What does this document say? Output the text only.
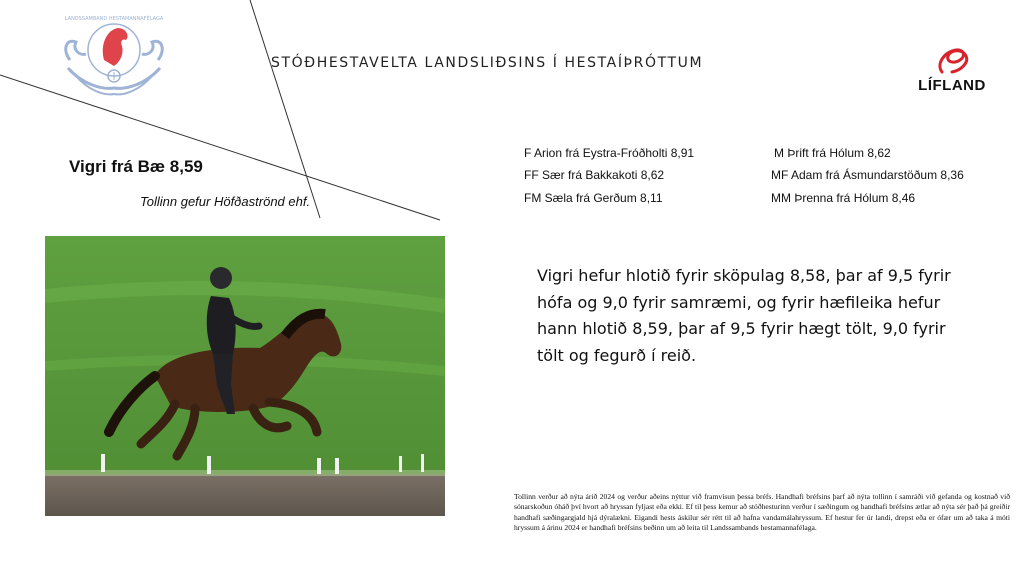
LANDSSAMBAND HESTAMANNAFÉLAGA
STÓÐHESTAVELTA LANDSLIÐSINS Í HESTAÍÞRÓTTUM
LÍFLAND
Vigri frá Bæ 8,59
Tollinn gefur Höfðaströnd ehf.
F Arion frá Eystra-Fróðholti 8,91
FF Sær frá Bakkakoti 8,62
FM Sæla frá Gerðum 8,11
M Þrift frá Hólum 8,62
MF Adam frá Ásmundarstöðum 8,36
MM Þrenna frá Hólum 8,46
Vigri hefur hlotið fyrir sköpulag 8,58, þar af 9,5 fyrir hófa og 9,0 fyrir samræmi, og fyrir hæfileika hefur hann hlotið 8,59, þar af 9,5 fyrir hægt tölt, 9,0 fyrir tölt og fegurð í reið.
Tollinn verður að nýta árið 2024 og verður aðeins nýttur við framvísun þessa bréfs. Handhafi bréfsins þarf að nýta tollinn í samráði við gefanda og kostnað við sónarskoðun óháð því hvort að hryssan fyljast eða ekki. Ef til þess kemur að stóðhesturinn verður í sæðingum og handhafi bréfsins ætlar að nýta sér það þá greiðir handhafi sæðingargjald hjá dýralækni. Eigandi hests áskilur sér rétt til að hafna vandamálahryssum. Ef hestur fer úr landi, drepst eða er ófær um að taka á móti hryssum á árinu 2024 er handhafi bréfsins beðinn um að leita til Landssambands hestamannafélaga.
